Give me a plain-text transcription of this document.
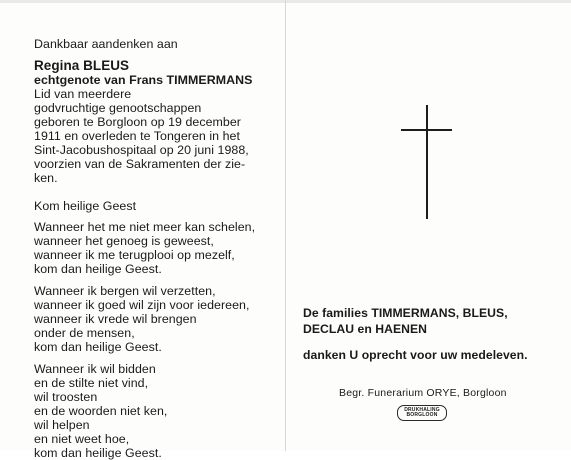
Dankbaar aandenken aan
Regina BLEUS
echtgenote van Frans TIMMERMANS
Lid van meerdere
godvruchtige genootschappen
geboren te Borgloon op 19 december
1911 en overleden te Tongeren in het
Sint-Jacobushospitaal op 20 juni 1988,
voorzien van de Sakramenten der zie-
ken.
Kom heilige Geest
Wanneer het me niet meer kan schelen,
wanneer het genoeg is geweest,
wanneer ik me terugplooi op mezelf,
kom dan heilige Geest.
Wanneer ik bergen wil verzetten,
wanneer ik goed wil zijn voor iedereen,
wanneer ik vrede wil brengen
onder de mensen,
kom dan heilige Geest.
Wanneer ik wil bidden
en de stilte niet vind,
wil troosten
en de woorden niet ken,
wil helpen
en niet weet hoe,
kom dan heilige Geest.
De families TIMMERMANS, BLEUS,
DECLAU en HAENEN
danken U oprecht voor uw medeleven.
Begr. Funerarium ORYE, Borgloon
DRUKHALING
BORGLOON
